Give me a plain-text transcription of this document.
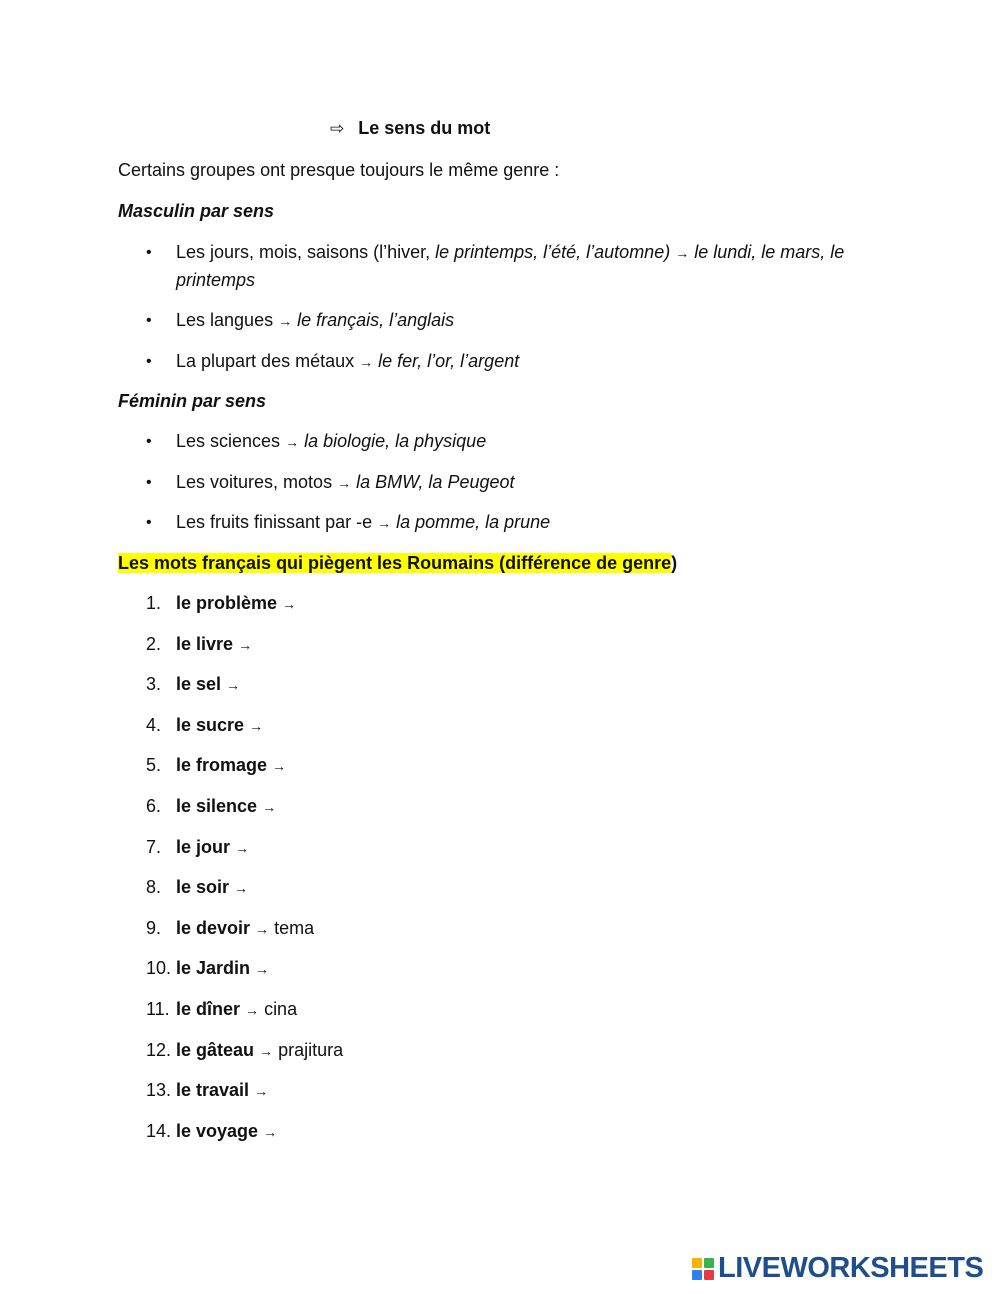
⇨ Le sens du mot
Certains groupes ont presque toujours le même genre :
Masculin par sens
• Les jours, mois, saisons (l’hiver, le printemps, l’été, l’automne) → le lundi, le mars, le printemps
• Les langues → le français, l’anglais
• La plupart des métaux → le fer, l’or, l’argent
Féminin par sens
• Les sciences → la biologie, la physique
• Les voitures, motos → la BMW, la Peugeot
• Les fruits finissant par -e → la pomme, la prune
Les mots français qui piègent les Roumains (différence de genre)
1. le problème →
2. le livre →
3. le sel →
4. le sucre →
5. le fromage →
6. le silence →
7. le jour →
8. le soir →
9. le devoir → tema
10. le Jardin →
11. le dîner → cina
12. le gâteau → prajitura
13. le travail →
14. le voyage →
LIVEWORKSHEETS
